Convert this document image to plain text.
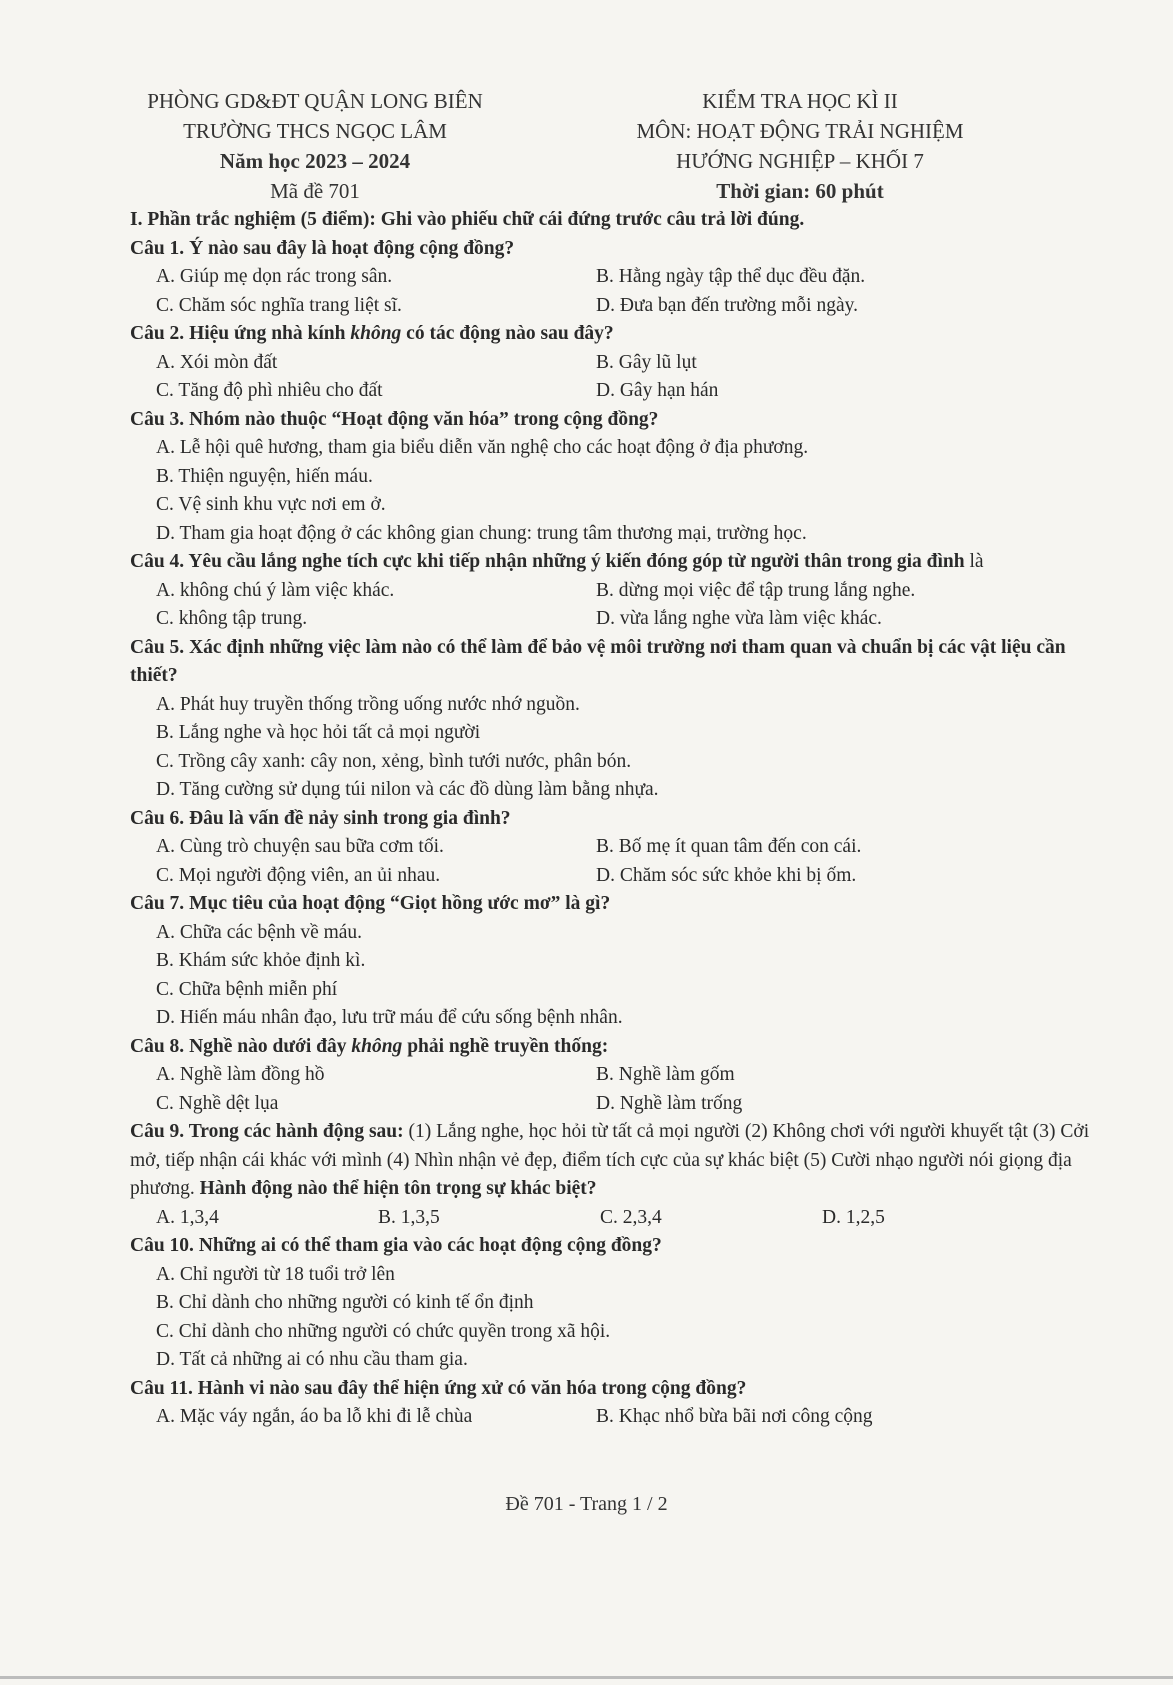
PHÒNG GD&ĐT QUẬN LONG BIÊN
TRƯỜNG THCS NGỌC LÂM
Năm học 2023 – 2024
Mã đề 701
KIỂM TRA HỌC KÌ II
MÔN: HOẠT ĐỘNG TRẢI NGHIỆM
HƯỚNG NGHIỆP – KHỐI 7
Thời gian: 60 phút
I. Phần trắc nghiệm (5 điểm): Ghi vào phiếu chữ cái đứng trước câu trả lời đúng.
Câu 1. Ý nào sau đây là hoạt động cộng đồng?
A. Giúp mẹ dọn rác trong sân.	B. Hằng ngày tập thể dục đều đặn.
C. Chăm sóc nghĩa trang liệt sĩ.	D. Đưa bạn đến trường mỗi ngày.
Câu 2. Hiệu ứng nhà kính không có tác động nào sau đây?
A. Xói mòn đất	B. Gây lũ lụt
C. Tăng độ phì nhiêu cho đất	D. Gây hạn hán
Câu 3. Nhóm nào thuộc “Hoạt động văn hóa” trong cộng đồng?
A. Lễ hội quê hương, tham gia biểu diễn văn nghệ cho các hoạt động ở địa phương.
B. Thiện nguyện, hiến máu.
C. Vệ sinh khu vực nơi em ở.
D. Tham gia hoạt động ở các không gian chung: trung tâm thương mại, trường học.
Câu 4. Yêu cầu lắng nghe tích cực khi tiếp nhận những ý kiến đóng góp từ người thân trong gia đình là
A. không chú ý làm việc khác.	B. dừng mọi việc để tập trung lắng nghe.
C. không tập trung.	D. vừa lắng nghe vừa làm việc khác.
Câu 5. Xác định những việc làm nào có thể làm để bảo vệ môi trường nơi tham quan và chuẩn bị các vật liệu cần thiết?
A. Phát huy truyền thống trồng uống nước nhớ nguồn.
B. Lắng nghe và học hỏi tất cả mọi người
C. Trồng cây xanh: cây non, xẻng, bình tưới nước, phân bón.
D. Tăng cường sử dụng túi nilon và các đồ dùng làm bằng nhựa.
Câu 6. Đâu là vấn đề nảy sinh trong gia đình?
A. Cùng trò chuyện sau bữa cơm tối.	B. Bố mẹ ít quan tâm đến con cái.
C. Mọi người động viên, an ủi nhau.	D. Chăm sóc sức khỏe khi bị ốm.
Câu 7. Mục tiêu của hoạt động “Giọt hồng ước mơ” là gì?
A. Chữa các bệnh về máu.
B. Khám sức khỏe định kì.
C. Chữa bệnh miễn phí
D. Hiến máu nhân đạo, lưu trữ máu để cứu sống bệnh nhân.
Câu 8. Nghề nào dưới đây không phải nghề truyền thống:
A. Nghề làm đồng hồ	B. Nghề làm gốm
C. Nghề dệt lụa	D. Nghề làm trống
Câu 9. Trong các hành động sau: (1) Lắng nghe, học hỏi từ tất cả mọi người (2) Không chơi với người khuyết tật (3) Cởi mở, tiếp nhận cái khác với mình (4) Nhìn nhận vẻ đẹp, điểm tích cực của sự khác biệt (5) Cười nhạo người nói giọng địa phương. Hành động nào thể hiện tôn trọng sự khác biệt?
A. 1,3,4	B. 1,3,5	C. 2,3,4	D. 1,2,5
Câu 10. Những ai có thể tham gia vào các hoạt động cộng đồng?
A. Chỉ người từ 18 tuổi trở lên
B. Chỉ dành cho những người có kinh tế ổn định
C. Chỉ dành cho những người có chức quyền trong xã hội.
D. Tất cả những ai có nhu cầu tham gia.
Câu 11. Hành vi nào sau đây thể hiện ứng xử có văn hóa trong cộng đồng?
A. Mặc váy ngắn, áo ba lỗ khi đi lễ chùa	B. Khạc nhổ bừa bãi nơi công cộng
Đề 701 - Trang 1 / 2
